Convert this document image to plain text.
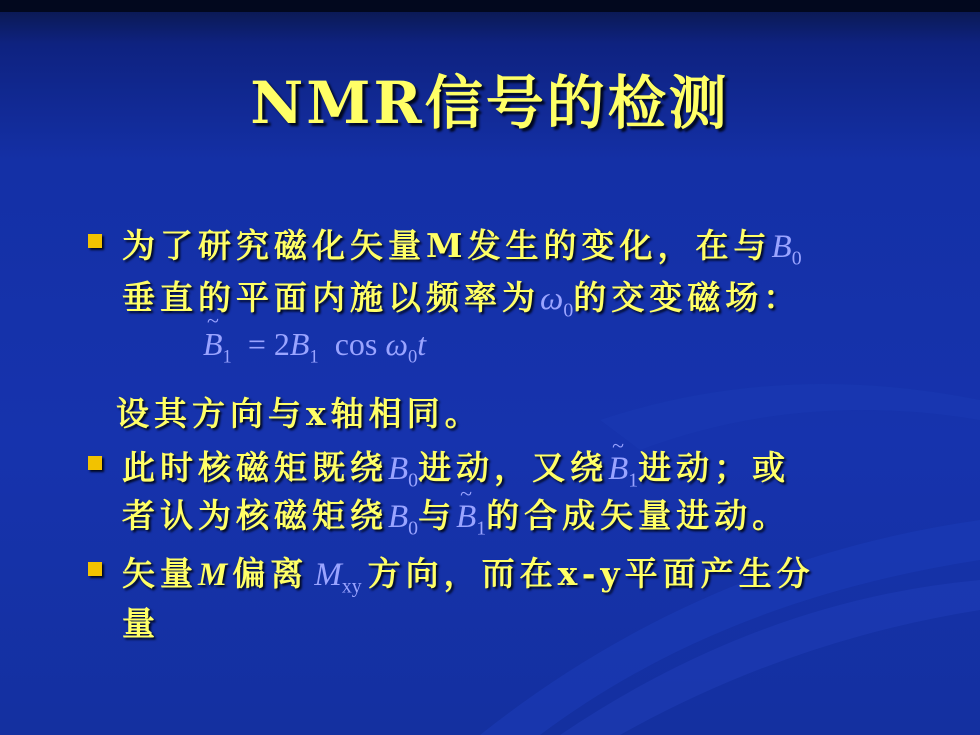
NMR信号的检测
为了研究磁化矢量M发生的变化，在与$B_0$
垂直的平面内施以频率为$\omega_0$的交变磁场：
B $\sim_1 = 2B_1$ $\cos \omega_0t$
设其方向与x轴相同。
此时核磁矩既绕$B_0$进动，又绕B $\sim_1$进动；或
者认为核磁矩绕$B_0$与B $\sim_1$的合成矢量进动。
矢量M偏离 $M_{xy}$ 方向，而在x-y平面产生分
量
